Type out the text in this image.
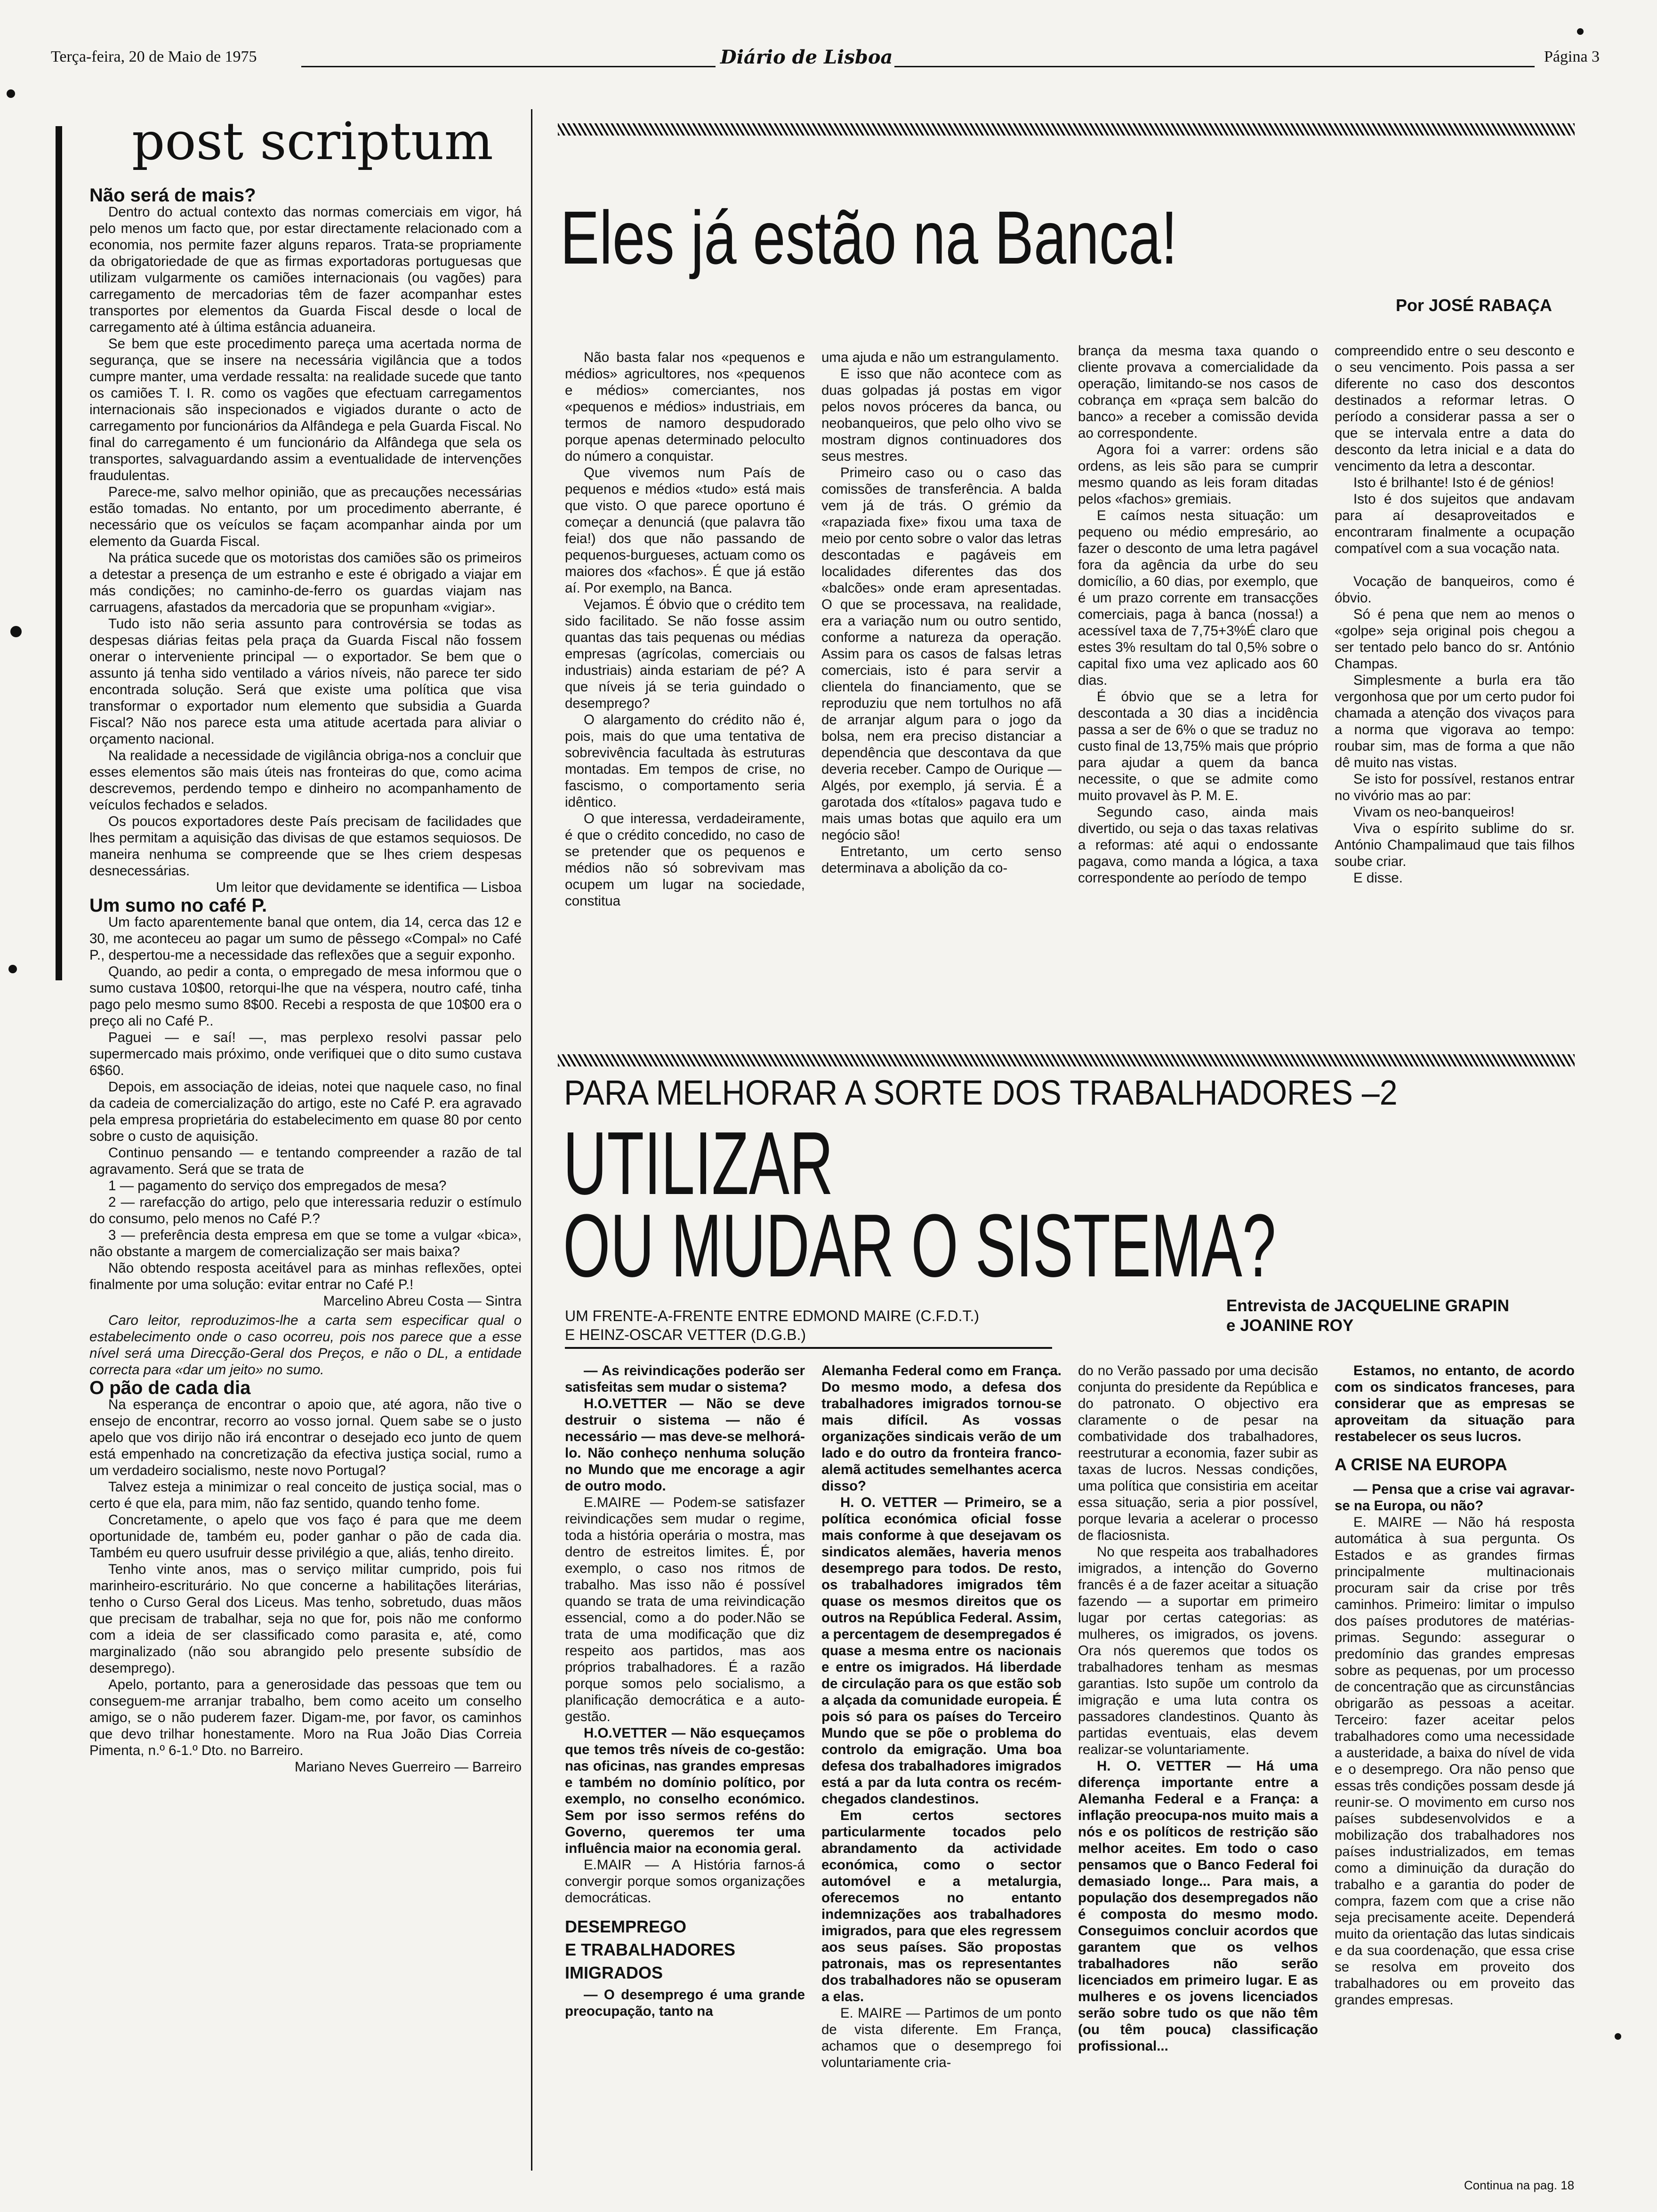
Terça-feira, 20 de Maio de 1975	Diário de Lisboa	Página 3
post scriptum
Não será de mais?

Dentro do actual contexto das normas comerciais em vigor, há pelo menos um facto que, por estar directamente relacionado com a economia, nos permite fazer alguns reparos. Trata-se propriamente da obrigatoriedade de que as firmas exportadoras portuguesas que utilizam vulgarmente os camiões internacionais (ou vagões) para carregamento de mercadorias têm de fazer acompanhar estes transportes por elementos da Guarda Fiscal desde o local de carregamento até à última estância aduaneira.

Se bem que este procedimento pareça uma acertada norma de segurança, que se insere na necessária vigilância que a todos cumpre manter, uma verdade ressalta: na realidade sucede que tanto os camiões T. I. R. como os vagões que efectuam carregamentos internacionais são inspecionados e vigiados durante o acto de carregamento por funcionários da Alfândega e pela Guarda Fiscal. No final do carregamento é um funcionário da Alfândega que sela os transportes, salvaguardando assim a eventualidade de intervenções fraudulentas.

Parece-me, salvo melhor opinião, que as precauções necessárias estão tomadas. No entanto, por um procedimento aberrante, é necessário que os veículos se façam acompanhar ainda por um elemento da Guarda Fiscal.

Na prática sucede que os motoristas dos camiões são os primeiros a detestar a presença de um estranho e este é obrigado a viajar em más condições; no caminho-de-ferro os guardas viajam nas carruagens, afastados da mercadoria que se propunham «vigiar».

Tudo isto não seria assunto para controvérsia se todas as despesas diárias feitas pela praça da Guarda Fiscal não fossem onerar o interveniente principal — o exportador. Se bem que o assunto já tenha sido ventilado a vários níveis, não parece ter sido encontrada solução. Será que existe uma política que visa transformar o exportador num elemento que subsidia a Guarda Fiscal? Não nos parece esta uma atitude acertada para aliviar o orçamento nacional.

Na realidade a necessidade de vigilância obriga-nos a concluir que esses elementos são mais úteis nas fronteiras do que, como acima descrevemos, perdendo tempo e dinheiro no acompanhamento de veículos fechados e selados.

Os poucos exportadores deste País precisam de facilidades que lhes permitam a aquisição das divisas de que estamos sequiosos. De maneira nenhuma se compreende que se lhes criem despesas desnecessárias.

Um leitor que devidamente se identifica — Lisboa

Um sumo no café P.

Um facto aparentemente banal que ontem, dia 14, cerca das 12 e 30, me aconteceu ao pagar um sumo de pêssego «Compal» no Café P., despertou-me a necessidade das reflexões que a seguir exponho.

Quando, ao pedir a conta, o empregado de mesa informou que o sumo custava 10$00, retorqui-lhe que na véspera, noutro café, tinha pago pelo mesmo sumo 8$00. Recebi a resposta de que 10$00 era o preço ali no Café P..

Paguei — e saí! —, mas perplexo resolvi passar pelo supermercado mais próximo, onde verifiquei que o dito sumo custava 6$60.

Depois, em associação de ideias, notei que naquele caso, no final da cadeia de comercialização do artigo, este no Café P. era agravado pela empresa proprietária do estabelecimento em quase 80 por cento sobre o custo de aquisição.

Continuo pensando — e tentando compreender a razão de tal agravamento. Será que se trata de

1 — pagamento do serviço dos empregados de mesa?

2 — rarefacção do artigo, pelo que interessaria reduzir o estímulo do consumo, pelo menos no Café P.?

3 — preferência desta empresa em que se tome a vulgar «bica», não obstante a margem de comercialização ser mais baixa?

Não obtendo resposta aceitável para as minhas reflexões, optei finalmente por uma solução: evitar entrar no Café P.!

Marcelino Abreu Costa — Sintra

Caro leitor, reproduzimos-lhe a carta sem especificar qual o estabelecimento onde o caso ocorreu, pois nos parece que a esse nível será uma Direcção-Geral dos Preços, e não o DL, a entidade correcta para «dar um jeito» no sumo.

O pão de cada dia

Na esperança de encontrar o apoio que, até agora, não tive o ensejo de encontrar, recorro ao vosso jornal. Quem sabe se o justo apelo que vos dirijo não irá encontrar o desejado eco junto de quem está empenhado na concretização da efectiva justiça social, rumo a um verdadeiro socialismo, neste novo Portugal?

Talvez esteja a minimizar o real conceito de justiça social, mas o certo é que ela, para mim, não faz sentido, quando tenho fome.

Concretamente, o apelo que vos faço é para que me deem oportunidade de, também eu, poder ganhar o pão de cada dia. Também eu quero usufruir desse privilégio a que, aliás, tenho direito.

Tenho vinte anos, mas o serviço militar cumprido, pois fui marinheiro-escriturário. No que concerne a habilitações literárias, tenho o Curso Geral dos Liceus. Mas tenho, sobretudo, duas mãos que precisam de trabalhar, seja no que for, pois não me conformo com a ideia de ser classificado como parasita e, até, como marginalizado (não sou abrangido pelo presente subsídio de desemprego).

Apelo, portanto, para a generosidade das pessoas que tem ou conseguem-me arranjar trabalho, bem como aceito um conselho amigo, se o não puderem fazer. Digam-me, por favor, os caminhos que devo trilhar honestamente. Moro na Rua João Dias Correia Pimenta, n.º 6-1.º Dto. no Barreiro.

Mariano Neves Guerreiro — Barreiro

Eles já estão na Banca!
Por JOSÉ RABAÇA

Não basta falar nos «pequenos e médios» agricultores, nos «pequenos e médios» comerciantes, nos «pequenos e médios» industriais, em termos de namoro despudorado porque apenas determinado peloculto do número a conquistar.

Que vivemos num País de pequenos e médios «tudo» está mais que visto. O que parece oportuno é começar a denunciá (que palavra tão feia!) dos que não passando de pequenos-burgueses, actuam como os maiores dos «fachos». É que já estão aí. Por exemplo, na Banca.

Vejamos. É óbvio que o crédito tem sido facilitado. Se não fosse assim quantas das tais pequenas ou médias empresas (agrícolas, comerciais ou industriais) ainda estariam de pé? A que níveis já se teria guindado o desemprego?

O alargamento do crédito não é, pois, mais do que uma tentativa de sobrevivência facultada às estruturas montadas. Em tempos de crise, no fascismo, o comportamento seria idêntico.

O que interessa, verdadeiramente, é que o crédito concedido, no caso de se pretender que os pequenos e médios não só sobrevivam mas ocupem um lugar na sociedade, constitua

uma ajuda e não um estrangulamento.

E isso que não acontece com as duas golpadas já postas em vigor pelos novos próceres da banca, ou neobanqueiros, que pelo olho vivo se mostram dignos continuadores dos seus mestres.

Primeiro caso ou o caso das comissões de transferência. A balda vem já de trás. O grémio da «rapaziada fixe» fixou uma taxa de meio por cento sobre o valor das letras descontadas e pagáveis em localidades diferentes das dos «balcões» onde eram apresentadas. O que se processava, na realidade, era a variação num ou outro sentido, conforme a natureza da operação. Assim para os casos de falsas letras comerciais, isto é para servir a clientela do financiamento, que se reproduziu que nem tortulhos no afã de arranjar algum para o jogo da bolsa, nem era preciso distanciar a dependência que descontava da que deveria receber. Campo de Ourique — Algés, por exemplo, já servia. É a garotada dos «títalos» pagava tudo e mais umas botas que aquilo era um negócio são!

Entretanto, um certo senso determinava a abolição da co-

brança da mesma taxa quando o cliente provava a comercialidade da operação, limitando-se nos casos de cobrança em «praça sem balcão do banco» a receber a comissão devida ao correspondente.

Agora foi a varrer: ordens são ordens, as leis são para se cumprir mesmo quando as leis foram ditadas pelos «fachos» gremiais.

E caímos nesta situação: um pequeno ou médio empresário, ao fazer o desconto de uma letra pagável fora da agência da urbe do seu domicílio, a 60 dias, por exemplo, que é um prazo corrente em transacções comerciais, paga à banca (nossa!) a acessível taxa de 7,75+3%É claro que estes 3% resultam do tal 0,5% sobre o capital fixo uma vez aplicado aos 60 dias.

É óbvio que se a letra for descontada a 30 dias a incidência passa a ser de 6% o que se traduz no custo final de 13,75% mais que próprio para ajudar a quem da banca necessite, o que se admite como muito provavel às P. M. E.

Segundo caso, ainda mais divertido, ou seja o das taxas relativas a reformas: até aqui o endossante pagava, como manda a lógica, a taxa correspondente ao período de tempo

compreendido entre o seu desconto e o seu vencimento. Pois passa a ser diferente no caso dos descontos destinados a reformar letras. O período a considerar passa a ser o que se intervala entre a data do desconto da letra inicial e a data do vencimento da letra a descontar.

Isto é brilhante! Isto é de génios!

Isto é dos sujeitos que andavam para aí desaproveitados e encontraram finalmente a ocupação compatível com a sua vocação nata.

Vocação de banqueiros, como é óbvio.

Só é pena que nem ao menos o «golpe» seja original pois chegou a ser tentado pelo banco do sr. António Champas.

Simplesmente a burla era tão vergonhosa que por um certo pudor foi chamada a atenção dos vivaços para a norma que vigorava ao tempo: roubar sim, mas de forma a que não dê muito nas vistas.

Se isto for possível, restanos entrar no vivório mas ao par:

Vivam os neo-banqueiros!

Viva o espírito sublime do sr. António Champalimaud que tais filhos soube criar.

E disse.

PARA MELHORAR A SORTE DOS TRABALHADORES –2
UTILIZAR
OU MUDAR O SISTEMA?
UM FRENTE-A-FRENTE ENTRE EDMOND MAIRE (C.F.D.T.)
E HEINZ-OSCAR VETTER (D.G.B.)
Entrevista de JACQUELINE GRAPIN
e JOANINE ROY

— As reivindicações poderão ser satisfeitas sem mudar o sistema?

H.O.VETTER — Não se deve destruir o sistema — não é necessário — mas deve-se melhorá-lo. Não conheço nenhuma solução no Mundo que me encorage a agir de outro modo.

E.MAIRE — Podem-se satisfazer reivindicações sem mudar o regime, toda a história operária o mostra, mas dentro de estreitos limites. É, por exemplo, o caso nos ritmos de trabalho. Mas isso não é possível quando se trata de uma reivindicação essencial, como a do poder.Não se trata de uma modificação que diz respeito aos partidos, mas aos próprios trabalhadores. É a razão porque somos pelo socialismo, a planificação democrática e a auto-gestão.

H.O.VETTER — Não esqueçamos que temos três níveis de co-gestão: nas oficinas, nas grandes empresas e também no domínio político, por exemplo, no conselho económico. Sem por isso sermos reféns do Governo, queremos ter uma influência maior na economia geral.

E.MAIR — A História farnos-á convergir porque somos organizações democráticas.

DESEMPREGO
E TRABALHADORES
IMIGRADOS

— O desemprego é uma grande preocupação, tanto na

Alemanha Federal como em França. Do mesmo modo, a defesa dos trabalhadores imigrados tornou-se mais difícil. As vossas organizações sindicais verão de um lado e do outro da fronteira franco-alemã actitudes semelhantes acerca disso?

H. O. VETTER — Primeiro, se a política económica oficial fosse mais conforme à que desejavam os sindicatos alemães, haveria menos desemprego para todos. De resto, os trabalhadores imigrados têm quase os mesmos direitos que os outros na República Federal. Assim, a percentagem de desempregados é quase a mesma entre os nacionais e entre os imigrados. Há liberdade de circulação para os que estão sob a alçada da comunidade europeia. É pois só para os países do Terceiro Mundo que se põe o problema do controlo da emigração. Uma boa defesa dos trabalhadores imigrados está a par da luta contra os recém-chegados clandestinos.

Em certos sectores particularmente tocados pelo abrandamento da actividade económica, como o sector automóvel e a metalurgia, oferecemos no entanto indemnizações aos trabalhadores imigrados, para que eles regressem aos seus países. São propostas patronais, mas os representantes dos trabalhadores não se opuseram a elas.

E. MAIRE — Partimos de um ponto de vista diferente. Em França, achamos que o desemprego foi voluntariamente cria-

do no Verão passado por uma decisão conjunta do presidente da República e do patronato. O objectivo era claramente o de pesar na combatividade dos trabalhadores, reestruturar a economia, fazer subir as taxas de lucros. Nessas condições, uma política que consistiria em aceitar essa situação, seria a pior possível, porque levaria a acelerar o processo de flaciosnista.

No que respeita aos trabalhadores imigrados, a intenção do Governo francês é a de fazer aceitar a situação fazendo — a suportar em primeiro lugar por certas categorias: as mulheres, os imigrados, os jovens. Ora nós queremos que todos os trabalhadores tenham as mesmas garantias. Isto supõe um controlo da imigração e uma luta contra os passadores clandestinos. Quanto às partidas eventuais, elas devem realizar-se voluntariamente.

H. O. VETTER — Há uma diferença importante entre a Alemanha Federal e a França: a inflação preocupa-nos muito mais a nós e os políticos de restrição são melhor aceites. Em todo o caso pensamos que o Banco Federal foi demasiado longe... Para mais, a população dos desempregados não é composta do mesmo modo. Conseguimos concluir acordos que garantem que os velhos trabalhadores não serão licenciados em primeiro lugar. E as mulheres e os jovens licenciados serão sobre tudo os que não têm (ou têm pouca) classificação profissional...

Estamos, no entanto, de acordo com os sindicatos franceses, para considerar que as empresas se aproveitam da situação para restabelecer os seus lucros.

A CRISE NA EUROPA

— Pensa que a crise vai agravar-se na Europa, ou não?

E. MAIRE — Não há resposta automática à sua pergunta. Os Estados e as grandes firmas principalmente multinacionais procuram sair da crise por três caminhos. Primeiro: limitar o impulso dos países produtores de matérias-primas. Segundo: assegurar o predomínio das grandes empresas sobre as pequenas, por um processo de concentração que as circunstâncias obrigarão as pessoas a aceitar. Terceiro: fazer aceitar pelos trabalhadores como uma necessidade a austeridade, a baixa do nível de vida e o desemprego. Ora não penso que essas três condições possam desde já reunir-se. O movimento em curso nos países subdesenvolvidos e a mobilização dos trabalhadores nos países industrializados, em temas como a diminuição da duração do trabalho e a garantia do poder de compra, fazem com que a crise não seja precisamente aceite. Dependerá muito da orientação das lutas sindicais e da sua coordenação, que essa crise se resolva em proveito dos trabalhadores ou em proveito das grandes empresas.

Continua na pag. 18
